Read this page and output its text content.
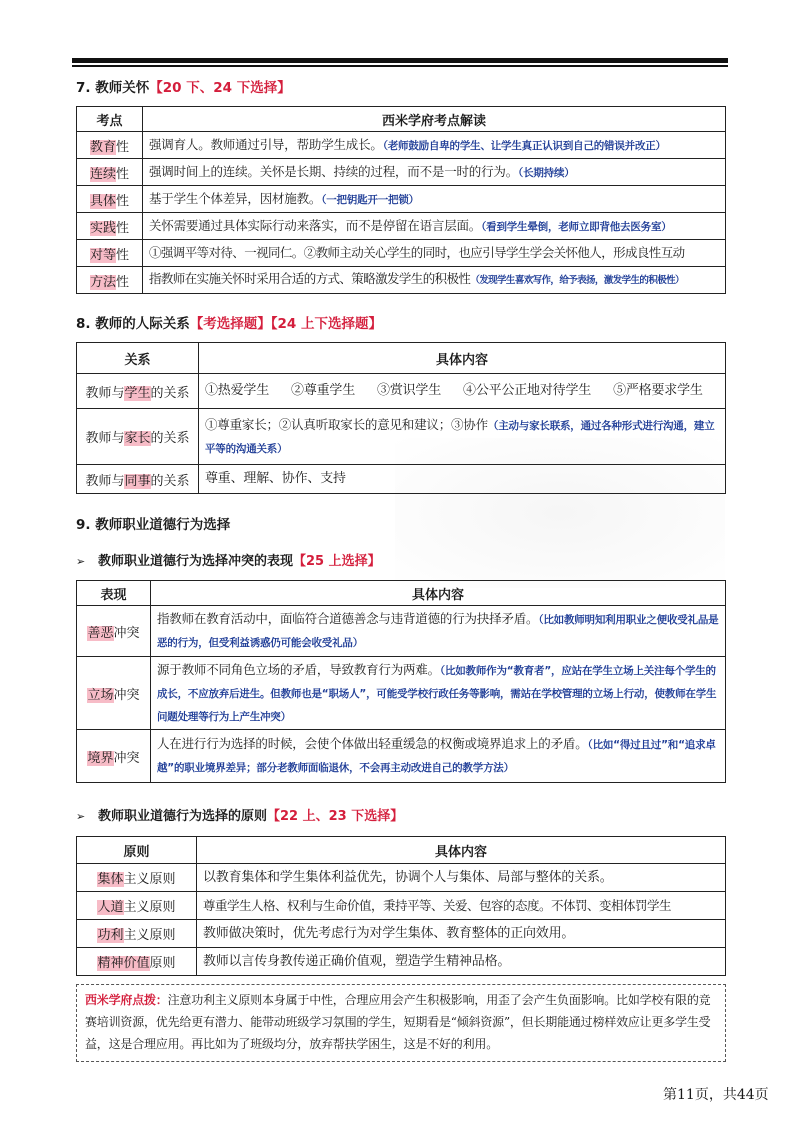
7. 教师关怀【20 下、24 下选择】
考点	西米学府考点解读
教育性	强调育人。教师通过引导，帮助学生成长。（老师鼓励自卑的学生、让学生真正认识到自己的错误并改正）
连续性	强调时间上的连续。关怀是长期、持续的过程，而不是一时的行为。（长期持续）
具体性	基于学生个体差异，因材施教。（一把钥匙开一把锁）
实践性	关怀需要通过具体实际行动来落实，而不是停留在语言层面。（看到学生晕倒，老师立即背他去医务室）
对等性	①强调平等对待、一视同仁。②教师主动关心学生的同时，也应引导学生学会关怀他人，形成良性互动
方法性	指教师在实施关怀时采用合适的方式、策略激发学生的积极性（发现学生喜欢写作，给予表扬，激发学生的积极性）
8. 教师的人际关系【考选择题】【24 上下选择题】
关系	具体内容
教师与学生的关系	①热爱学生 ②尊重学生 ③赏识学生 ④公平公正地对待学生 ⑤严格要求学生
教师与家长的关系	①尊重家长；②认真听取家长的意见和建议；③协作（主动与家长联系，通过各种形式进行沟通，建立平等的沟通关系）
教师与同事的关系	尊重、理解、协作、支持
9. 教师职业道德行为选择
➢ 教师职业道德行为选择冲突的表现【25 上选择】
表现	具体内容
善恶冲突	指教师在教育活动中，面临符合道德善念与违背道德的行为抉择矛盾。（比如教师明知利用职业之便收受礼品是恶的行为，但受利益诱惑仍可能会收受礼品）
立场冲突	源于教师不同角色立场的矛盾，导致教育行为两难。（比如教师作为“教育者”，应站在学生立场上关注每个学生的成长，不应放弃后进生。但教师也是“职场人”，可能受学校行政任务等影响，需站在学校管理的立场上行动，使教师在学生问题处理等行为上产生冲突）
境界冲突	人在进行行为选择的时候，会使个体做出轻重缓急的权衡或境界追求上的矛盾。（比如“得过且过”和“追求卓越”的职业境界差异；部分老教师面临退休，不会再主动改进自己的教学方法）
➢ 教师职业道德行为选择的原则【22 上、23 下选择】
原则	具体内容
集体主义原则	以教育集体和学生集体利益优先，协调个人与集体、局部与整体的关系。
人道主义原则	尊重学生人格、权利与生命价值，秉持平等、关爱、包容的态度。不体罚、变相体罚学生
功利主义原则	教师做决策时，优先考虑行为对学生集体、教育整体的正向效用。
精神价值原则	教师以言传身教传递正确价值观，塑造学生精神品格。
西米学府点拨：注意功利主义原则本身属于中性，合理应用会产生积极影响，用歪了会产生负面影响。比如学校有限的竞赛培训资源，优先给更有潜力、能带动班级学习氛围的学生，短期看是“倾斜资源”，但长期能通过榜样效应让更多学生受益，这是合理应用。再比如为了班级均分，放弃帮扶学困生，这是不好的利用。
第11页，共44页
